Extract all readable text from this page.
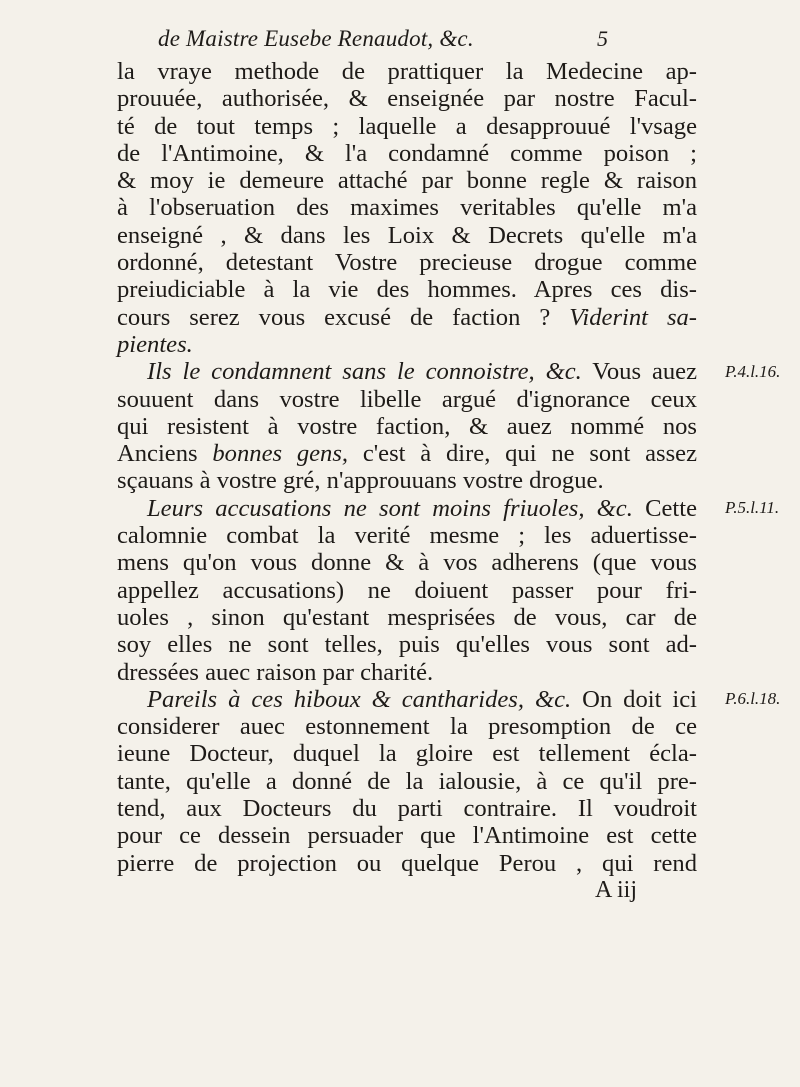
de Maistre Eusebe Renaudot, &c.	5
la vraye methode de prattiquer la Medecine ap-
prouuée, authorisée, & enseignée par nostre Facul-
té de tout temps ; laquelle a desapprouué l'vsage
de l'Antimoine, & l'a condamné comme poison ;
& moy ie demeure attaché par bonne regle & raison
à l'obseruation des maximes veritables qu'elle m'a
enseigné , & dans les Loix & Decrets qu'elle m'a
ordonné, detestant Vostre precieuse drogue comme
preiudiciable à la vie des hommes. Apres ces dis-
cours serez vous excusé de faction ? Viderint sa-
pientes.
Ils le condamnent sans le connoistre, &c. Vous auez P.4.l.16.
souuent dans vostre libelle argué d'ignorance ceux
qui resistent à vostre faction, & auez nommé nos
Anciens bonnes gens, c'est à dire, qui ne sont assez
sçauans à vostre gré, n'approuuans vostre drogue.
Leurs accusations ne sont moins friuoles, &c. Cette P.5.l.11.
calomnie combat la verité mesme ; les aduertisse-
mens qu'on vous donne & à vos adherens (que vous
appellez accusations) ne doiuent passer pour fri-
uoles , sinon qu'estant mesprisées de vous, car de
soy elles ne sont telles, puis qu'elles vous sont ad-
dressées auec raison par charité.
Pareils à ces hiboux & cantharides, &c. On doit ici P.6.l.18.
considerer auec estonnement la presomption de ce
ieune Docteur, duquel la gloire est tellement écla-
tante, qu'elle a donné de la ialousie, à ce qu'il pre-
tend, aux Docteurs du parti contraire. Il voudroit
pour ce dessein persuader que l'Antimoine est cette
pierre de projection ou quelque Perou , qui rend
A iij
